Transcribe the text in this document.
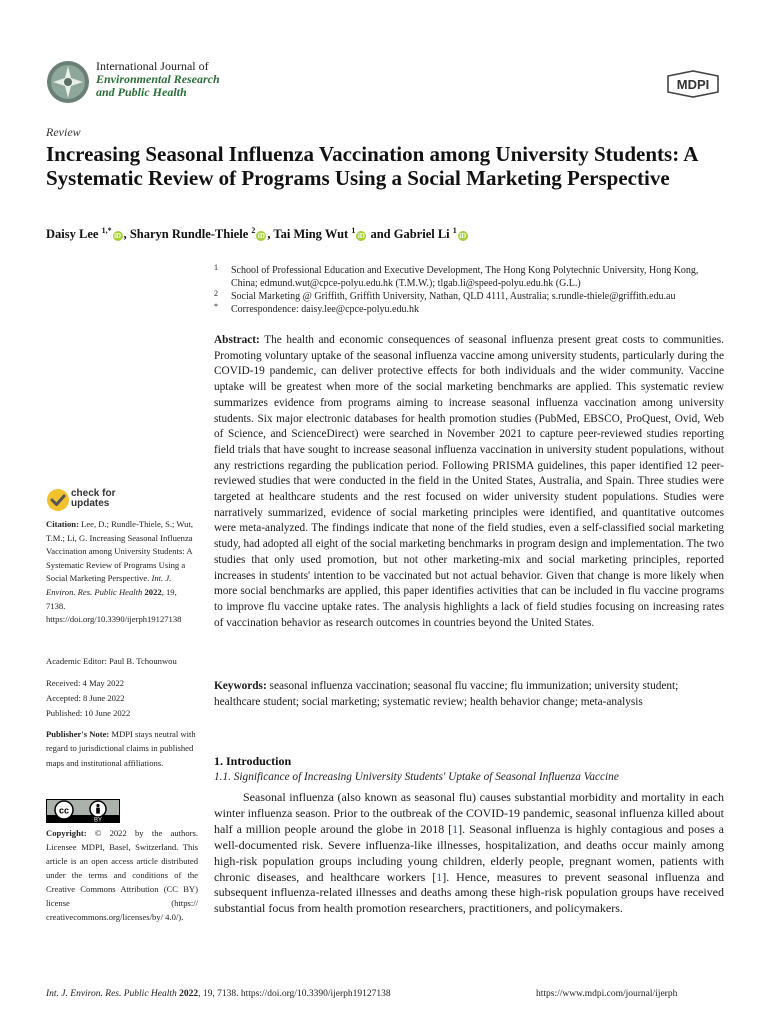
International Journal of
Environmental Research
and Public Health	MDPI
Review
Increasing Seasonal Influenza Vaccination among University Students: A Systematic Review of Programs Using a Social Marketing Perspective
Daisy Lee $^{1,*}$iD , Sharyn Rundle-Thiele $^2$iD , Tai Ming Wut $^1$iD and Gabriel Li $^1$iD
1 School of Professional Education and Executive Development, The Hong Kong Polytechnic University, Hong Kong, China; edmund.wut@cpce-polyu.edu.hk (T.M.W.); tlgab.li@speed-polyu.edu.hk (G.L.)
2 Social Marketing @ Griffith, Griffith University, Nathan, QLD 4111, Australia; s.rundle-thiele@griffith.edu.au
* Correspondence: daisy.lee@cpce-polyu.edu.hk
Abstract: The health and economic consequences of seasonal influenza present great costs to communities. Promoting voluntary uptake of the seasonal influenza vaccine among university students, particularly during the COVID-19 pandemic, can deliver protective effects for both individuals and the wider community. Vaccine uptake will be greatest when more of the social marketing benchmarks are applied. This systematic review summarizes evidence from programs aiming to increase seasonal influenza vaccination among university students. Six major electronic databases for health promotion studies (PubMed, EBSCO, ProQuest, Ovid, Web of Science, and ScienceDirect) were searched in November 2021 to capture peer-reviewed studies reporting field trials that have sought to increase seasonal influenza vaccination in university student populations, without any restrictions regarding the publication period. Following PRISMA guidelines, this paper identified 12 peer-reviewed studies that were conducted in the field in the United States, Australia, and Spain. Three studies were targeted at healthcare students and the rest focused on wider university student populations. Studies were narratively summarized, evidence of social marketing principles were identified, and quantitative outcomes were meta-analyzed. The findings indicate that none of the field studies, even a self-classified social marketing study, had adopted all eight of the social marketing benchmarks in program design and implementation. The two studies that only used promotion, but not other marketing-mix and social marketing principles, reported increases in students' intention to be vaccinated but not actual behavior. Given that change is more likely when more social benchmarks are applied, this paper identifies activities that can be included in flu vaccine programs to improve flu vaccine uptake rates. The analysis highlights a lack of field studies focusing on increasing rates of vaccination behavior as research outcomes in countries beyond the United States.
Keywords: seasonal influenza vaccination; seasonal flu vaccine; flu immunization; university student; healthcare student; social marketing; systematic review; health behavior change; meta-analysis
check for
updates
Citation: Lee, D.; Rundle-Thiele, S.; Wut, T.M.; Li, G. Increasing Seasonal Influenza Vaccination among University Students: A Systematic Review of Programs Using a Social Marketing Perspective. Int. J. Environ. Res. Public Health 2022, 19, 7138. https://doi.org/10.3390/ijerph19127138
Academic Editor: Paul B. Tchounwou
Received: 4 May 2022
Accepted: 8 June 2022
Published: 10 June 2022
Publisher's Note: MDPI stays neutral with regard to jurisdictional claims in published maps and institutional affiliations.
cc
BY
Copyright: © 2022 by the authors. Licensee MDPI, Basel, Switzerland. This article is an open access article distributed under the terms and conditions of the Creative Commons Attribution (CC BY) license (https:// creativecommons.org/licenses/by/ 4.0/).
1. Introduction
1.1. Significance of Increasing University Students' Uptake of Seasonal Influenza Vaccine
Seasonal influenza (also known as seasonal flu) causes substantial morbidity and mortality in each winter influenza season. Prior to the outbreak of the COVID-19 pandemic, seasonal influenza killed about half a million people around the globe in 2018 [1]. Seasonal influenza is highly contagious and poses a well-documented risk. Severe influenza-like illnesses, hospitalization, and deaths occur mainly among high-risk population groups including young children, elderly people, pregnant women, patients with chronic diseases, and healthcare workers [1]. Hence, measures to prevent seasonal influenza and subsequent influenza-related illnesses and deaths among these high-risk population groups have received substantial focus from health promotion researchers, practitioners, and policymakers.
Int. J. Environ. Res. Public Health 2022, 19, 7138. https://doi.org/10.3390/ijerph19127138	https://www.mdpi.com/journal/ijerph
